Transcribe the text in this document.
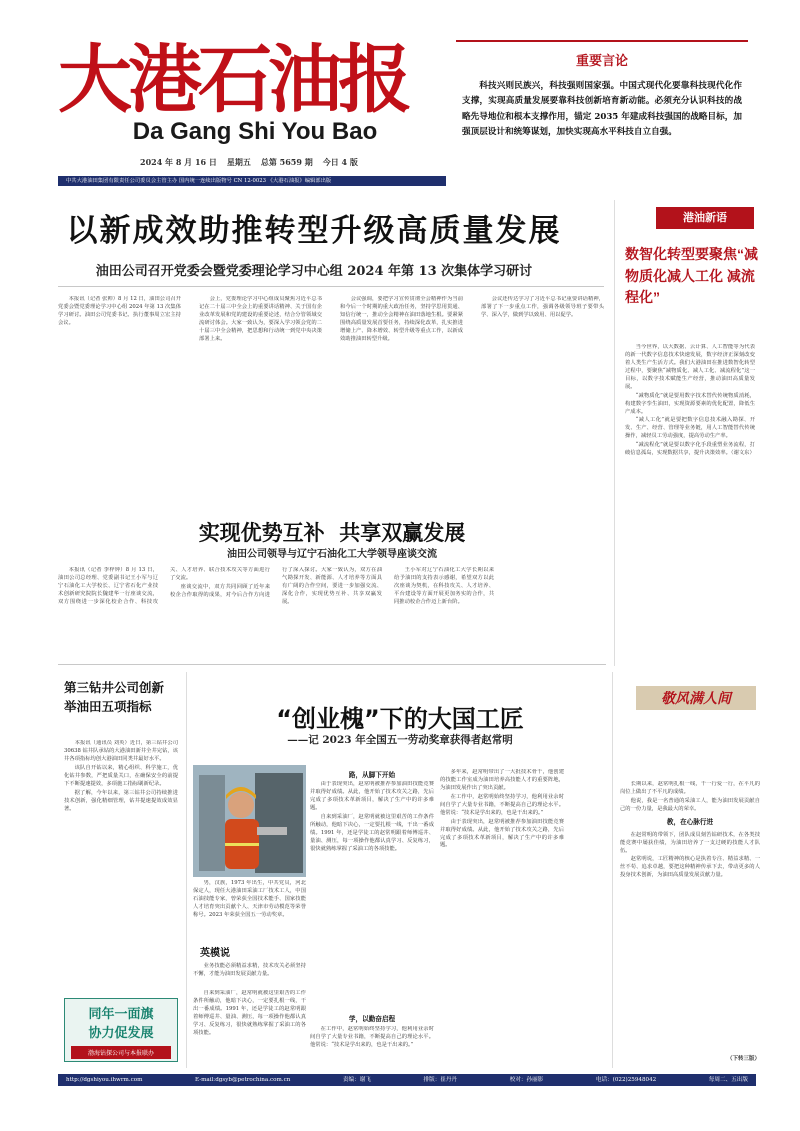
大港石油报
Da Gang Shi You Bao
2024 年 8 月 16 日 星期五 总第 5659 期 今日 4 版
中共大港油田集团有限责任公司委员会主管主办 国内统一连续出版物号 CN 12-0023 《大港石油报》编辑部出版
重要言论
科技兴则民族兴，科技强则国家强。中国式现代化要靠科技现代化作支撑，实现高质量发展要靠科技创新培育新动能。必须充分认识科技的战略先导地位和根本支撑作用，锚定 2035 年建成科技强国的战略目标，加强顶层设计和统筹谋划，加快实现高水平科技自立自强。
以新成效助推转型升级高质量发展
油田公司召开党委会暨党委理论学习中心组 2024 年第 13 次集体学习研讨

本报讯（记者 张帅）8 月 12 日，油田公司召开党委会暨党委理论学习中心组 2024 年第 13 次集体学习研讨。油田公司党委书记、执行董事周立宏主持会议。

会上，党委理论学习中心组成员聚焦习近平总书记在二十届三中全会上的重要讲话精神、关于国有企业改革发展和党的建设的重要论述，结合分管领域交流研讨体会。大家一致认为，要深入学习领会党的二十届三中全会精神，把思想和行动统一到党中央决策部署上来。

会议强调，要把学习宣传贯彻全会精神作为当前和今后一个时期的重大政治任务，坚持学思用贯通、知信行统一，推动全会精神在油田落地生根。要紧紧围绕高质量发展首要任务，持续深化改革，扎实推进增储上产、降本增效、转型升级等重点工作，以新成效助推油田转型升级。

会议还传达学习了习近平总书记重要讲话精神，部署了下一步重点工作，强调各级领导班子要带头学、深入学，做到学以致用、用以促学。

实现优势互补  共享双赢发展
油田公司领导与辽宁石油化工大学领导座谈交流

本报讯（记者 李梓钟）8 月 13 日，油田公司总经理、党委副书记王小军与辽宁石油化工大学校长、辽宁省石化产业技术创新研究院院长魏建华一行座谈交流，双方围绕进一步深化校企合作、科技攻关、人才培养、联合技术攻关等方面进行了交流。

座谈交流中，双方共同回顾了近年来校企合作取得的成果，对今后合作方向进行了深入探讨。大家一致认为，双方在油气勘探开发、新能源、人才培养等方面具有广阔的合作空间，要进一步加强交流、深化合作，实现优势互补、共享双赢发展。

王小军对辽宁石油化工大学长期以来给予油田的支持表示感谢，希望双方以此次座谈为契机，在科技攻关、人才培养、平台建设等方面开展更加务实的合作，共同推动校企合作迈上新台阶。

港油新语
数智化转型要聚焦“减物质化减人工化 减流程化”

当今世界，以大数据、云计算、人工智能等为代表的新一代数字信息技术快速发展，数字经济正深刻改变着人类生产生活方式。我们大港油田在推进数智化转型过程中，要聚焦“减物质化、减人工化、减流程化”这一目标，以数字技术赋能生产经营，推动油田高质量发展。

“减物质化”就是要用数字技术替代传统物质消耗，构建数字孪生油田，实现资源要素的优化配置，降低生产成本。

“减人工化”就是要把数字信息技术融入勘探、开发、生产、经营、管理等业务链，用人工智能替代传统操作，减轻员工劳动强度，提高劳动生产率。

“减流程化”就是要以数字化手段重塑业务流程，打破信息孤岛，实现数据共享，提升决策效率。（谢文东）

第三钻井公司创新举油田五项指标

本报讯（通讯员 刘英）近日，第三钻井公司 30638 钻井队承钻的大港油田新井全井完钻，该井各项指标均创大港油田同类井最好水平。

该队自开钻以来，精心组织、科学施工，优化钻井参数，严把质量关口，在确保安全的前提下不断提速提效，多项施工指标刷新纪录。

据了解，今年以来，第三钻井公司持续推进技术创新，强化精细管理，钻井提速提效成效显著。

同年一面旗
协力促发展
渤海钻探公司与本报联办
“创业槐”下的大国工匠
——记 2023 年全国五一劳动奖章获得者赵常明
男，汉族，1973 年出生，中共党员，河北保定人，现任大港油田采油工厂技术工人，中国石油技能专家，曾荣获全国技术能手、国家技能人才培育突出贡献个人、天津市劳动模范等荣誉称号。2023 年荣获全国五一劳动奖章。
英模说
业务技能必须精益求精，技术攻关必须坚持不懈，才能为油田发展贡献力量。

自来到采油厂，赵常明就被这里艰苦的工作条件所触动，他暗下决心，一定要扎根一线，干出一番成绩。1991 年，还是学徒工的赵常明跟着师傅巡井、量油、测压，每一项操作他都认真学习、反复练习，很快就熟练掌握了采油工的各项技能。

路，从脚下开始

由于表现突出，赵常明被推荐参加油田技能竞赛并取得好成绩。从此，他开始了技术攻关之路，先后完成了多项技术革新项目，解决了生产中的许多难题。

自来到采油厂，赵常明就被这里艰苦的工作条件所触动，他暗下决心，一定要扎根一线，干出一番成绩。1991 年，还是学徒工的赵常明跟着师傅巡井、量油、测压，每一项操作他都认真学习、反复练习，很快就熟练掌握了采油工的各项技能。

学，以勤奋启程

在工作中，赵常明始终坚持学习，他利用业余时间自学了大量专业书籍，不断提高自己的理论水平。他常说：“技术是学出来的，也是干出来的。”

多年来，赵常明带出了一大批技术骨干，他创建的技能工作室成为油田培养高技能人才的重要阵地，为油田发展作出了突出贡献。

在工作中，赵常明始终坚持学习，他利用业余时间自学了大量专业书籍，不断提高自己的理论水平。他常说：“技术是学出来的，也是干出来的。”

由于表现突出，赵常明被推荐参加油田技能竞赛并取得好成绩。从此，他开始了技术攻关之路，先后完成了多项技术革新项目，解决了生产中的许多难题。

敬风满人间

长期以来，赵常明扎根一线，干一行爱一行，在平凡的岗位上做出了不平凡的成绩。

他说，我是一名普通的采油工人，能为油田发展贡献自己的一份力量，是我最大的荣幸。

教，在心脉行进

在赵常明的带领下，团队成员刻苦钻研技术，在各类技能竞赛中屡获佳绩，为油田培养了一支过硬的技能人才队伍。

赵常明说，工匠精神的核心是执着专注、精益求精、一丝不苟、追求卓越，要把这种精神传承下去，带动更多的人投身技术创新，为油田高质量发展贡献力量。

（下转三版）
http://dgshiyou.ihwrm.com	E-mail:dgsyb@petrochina.com.cn	责编：谢飞	排版：崔丹丹	校对：孙丽影	电话：(022)25948042	每周二、五出版
